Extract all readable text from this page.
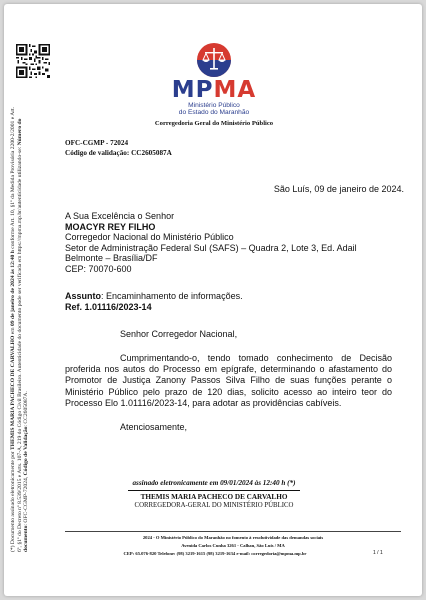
(*) Documento assinado eletronicamente por THEMIS MARIA PACHECO DE CARVALHO em 09 de janeiro de 2024 às 12:40 h conforme Art. 10, §1º da Medida Provisória 2200-2/2001 e Art. 6º, §1º do Decreto nº 8.539/2015 e Arts. 107-A, 219 do Código Civil Brasileiro. Autenticidade do documento pode ser verificada em https://mpma.mp.br/autenticidade utilizando-se: Número do documento: OFC-CGMP-72024, Código de Validação: CC2605087A.
MPMA
Ministério Público
do Estado do Maranhão
Corregedoria Geral do Ministério Público
OFC-CGMP - 72024
Código de validação: CC2605087A
São Luís, 09 de janeiro de 2024.
A Sua Excelência o Senhor
MOACYR REY FILHO
Corregedor Nacional do Ministério Público
Setor de Administração Federal Sul (SAFS) – Quadra 2, Lote 3, Ed. Adail
Belmonte – Brasília/DF
CEP: 70070-600
Assunto: Encaminhamento de informações.
Ref. 1.01116/2023-14
Senhor Corregedor Nacional,
Cumprimentando-o, tendo tomado conhecimento de Decisão proferida nos autos do Processo em epígrafe, determinando o afastamento do Promotor de Justiça Zanony Passos Silva Filho de suas funções perante o Ministério Público pelo prazo de 120 dias, solicito acesso ao inteiro teor do Processo Elo 1.01116/2023-14, para adotar as providências cabíveis.
Atenciosamente,
assinado eletronicamente em 09/01/2024 às 12:40 h (*)
THEMIS MARIA PACHECO DE CARVALHO
CORREGEDORA-GERAL DO MINISTÉRIO PÚBLICO
2024 - O Ministério Público do Maranhão no fomento à resolutividade das demandas sociais
Avenida Carlos Cunha 3261 - Calhau, São Luís / MA
CEP: 65.076-820 Telefone: (98) 3219-1615 (98) 3219-1634 e-mail: corregedoria@mpma.mp.br	1 / 1
